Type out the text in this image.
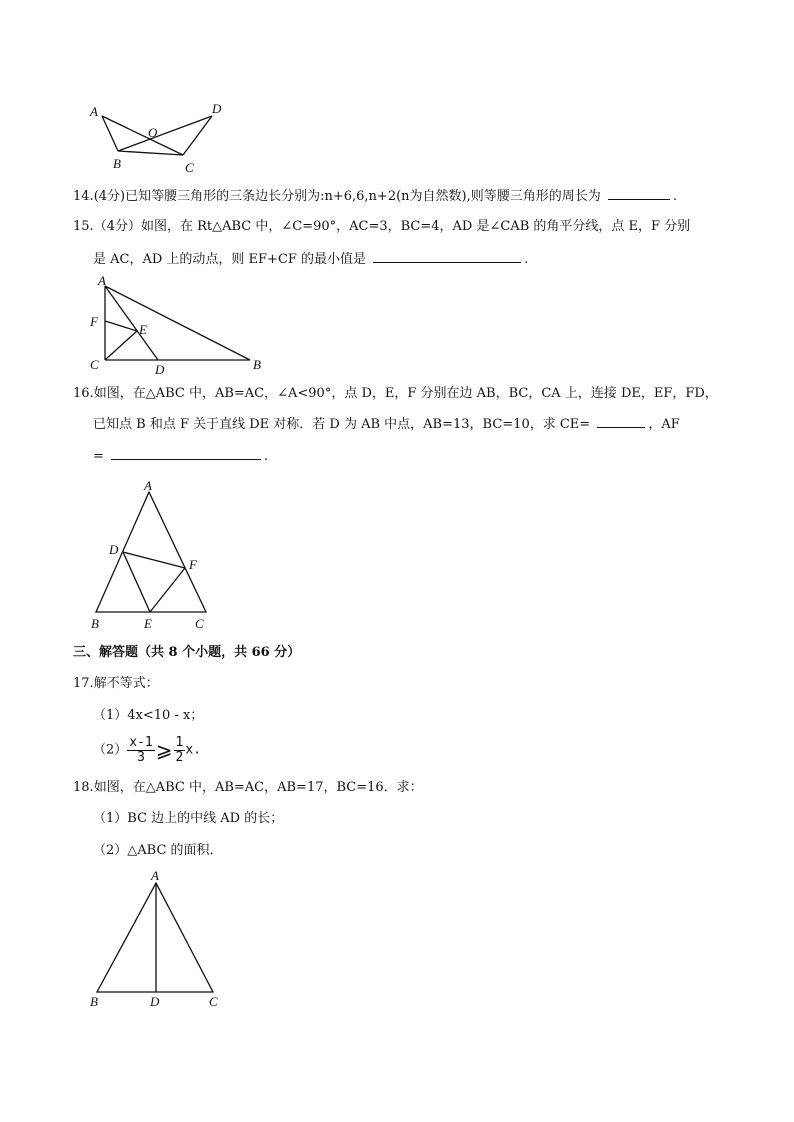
A	D
O
B	C
14.(4分)已知等腰三角形的三条边长分别为:n+6,6,n+2(n为自然数),则等腰三角形的周长为	.
15.（4分）如图，在 Rt△ABC 中，∠C=90°，AC=3，BC=4，AD 是∠CAB 的角平分线，点 E，F 分别
是 AC，AD 上的动点，则 EF+CF 的最小值是	.
A
F
E
C	D	B
16.如图，在△ABC 中，AB=AC，∠A<90°，点 D，E，F 分别在边 AB，BC，CA 上，连接 DE，EF，FD，
已知点 B 和点 F 关于直线 DE 对称．若 D 为 AB 中点，AB=13，BC=10，求 CE=	，AF
=	.
A
D
F
B	E	C
三、解答题（共 8 个小题，共 66 分）
17.解不等式：
（1）4x<10 - x；
$(2) \frac{x-1}{3}$ ⩾ $\frac{1}{2} x$.
18.如图，在△ABC 中，AB=AC，AB=17，BC=16．求：
（1）BC 边上的中线 AD 的长；
（2）△ABC 的面积．
A
B	D	C
